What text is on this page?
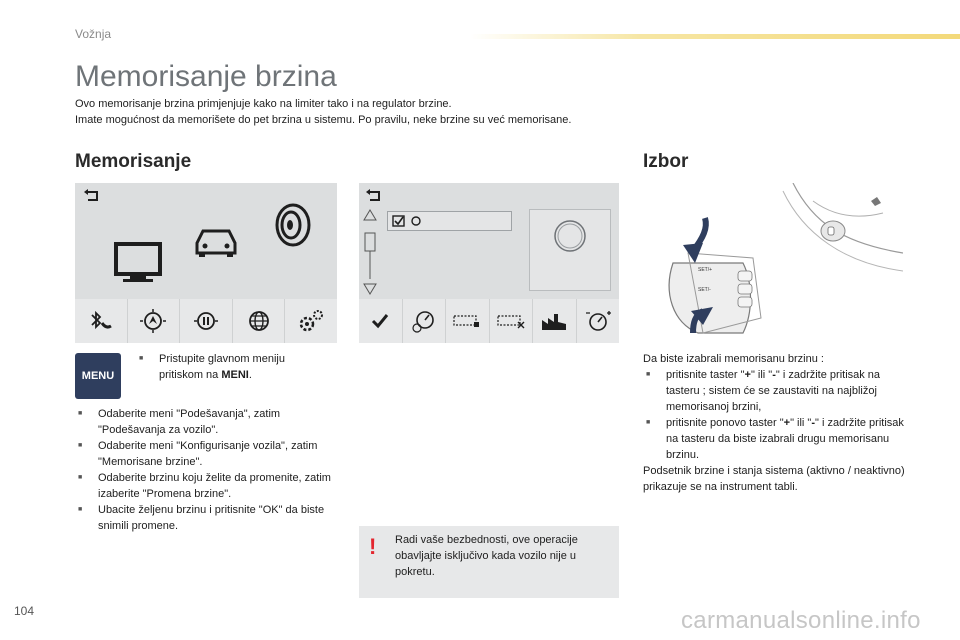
Vožnja
Memorisanje brzina

Ovo memorisanje brzina primjenjuje kako na limiter tako i na regulator brzine.

Imate mogućnost da memorišete do pet brzina u sistemu. Po pravilu, neke brzine su već memorisane.

Memorisanje	Izbor
MENU
■ Pristupite glavnom meniju pritiskom na MENI.
■ Odaberite meni "Podešavanja", zatim "Podešavanja za vozilo".
■ Odaberite meni "Konfigurisanje vozila", zatim "Memorisane brzine".
■ Odaberite brzinu koju želite da promenite, zatim izaberite "Promena brzine".
■ Ubacite željenu brzinu i pritisnite "OK" da biste snimili promene.
! Radi vaše bezbednosti, ove operacije obavljajte isključivo kada vozilo nije u pokretu.
SET/+
SET/-

Da biste izabrali memorisanu brzinu :

■ pritisnite taster "+" ili "-" i zadržite pritisak na tasteru ; sistem će se zaustaviti na najbližoj memorisanoj brzini,
■ pritisnite ponovo taster "+" ili "-" i zadržite pritisak na tasteru da biste izabrali drugu memorisanu brzinu.

Podsetnik brzine i stanja sistema (aktivno / neaktivno) prikazuje se na instrument tabli.

104	carmanualsonline.info
